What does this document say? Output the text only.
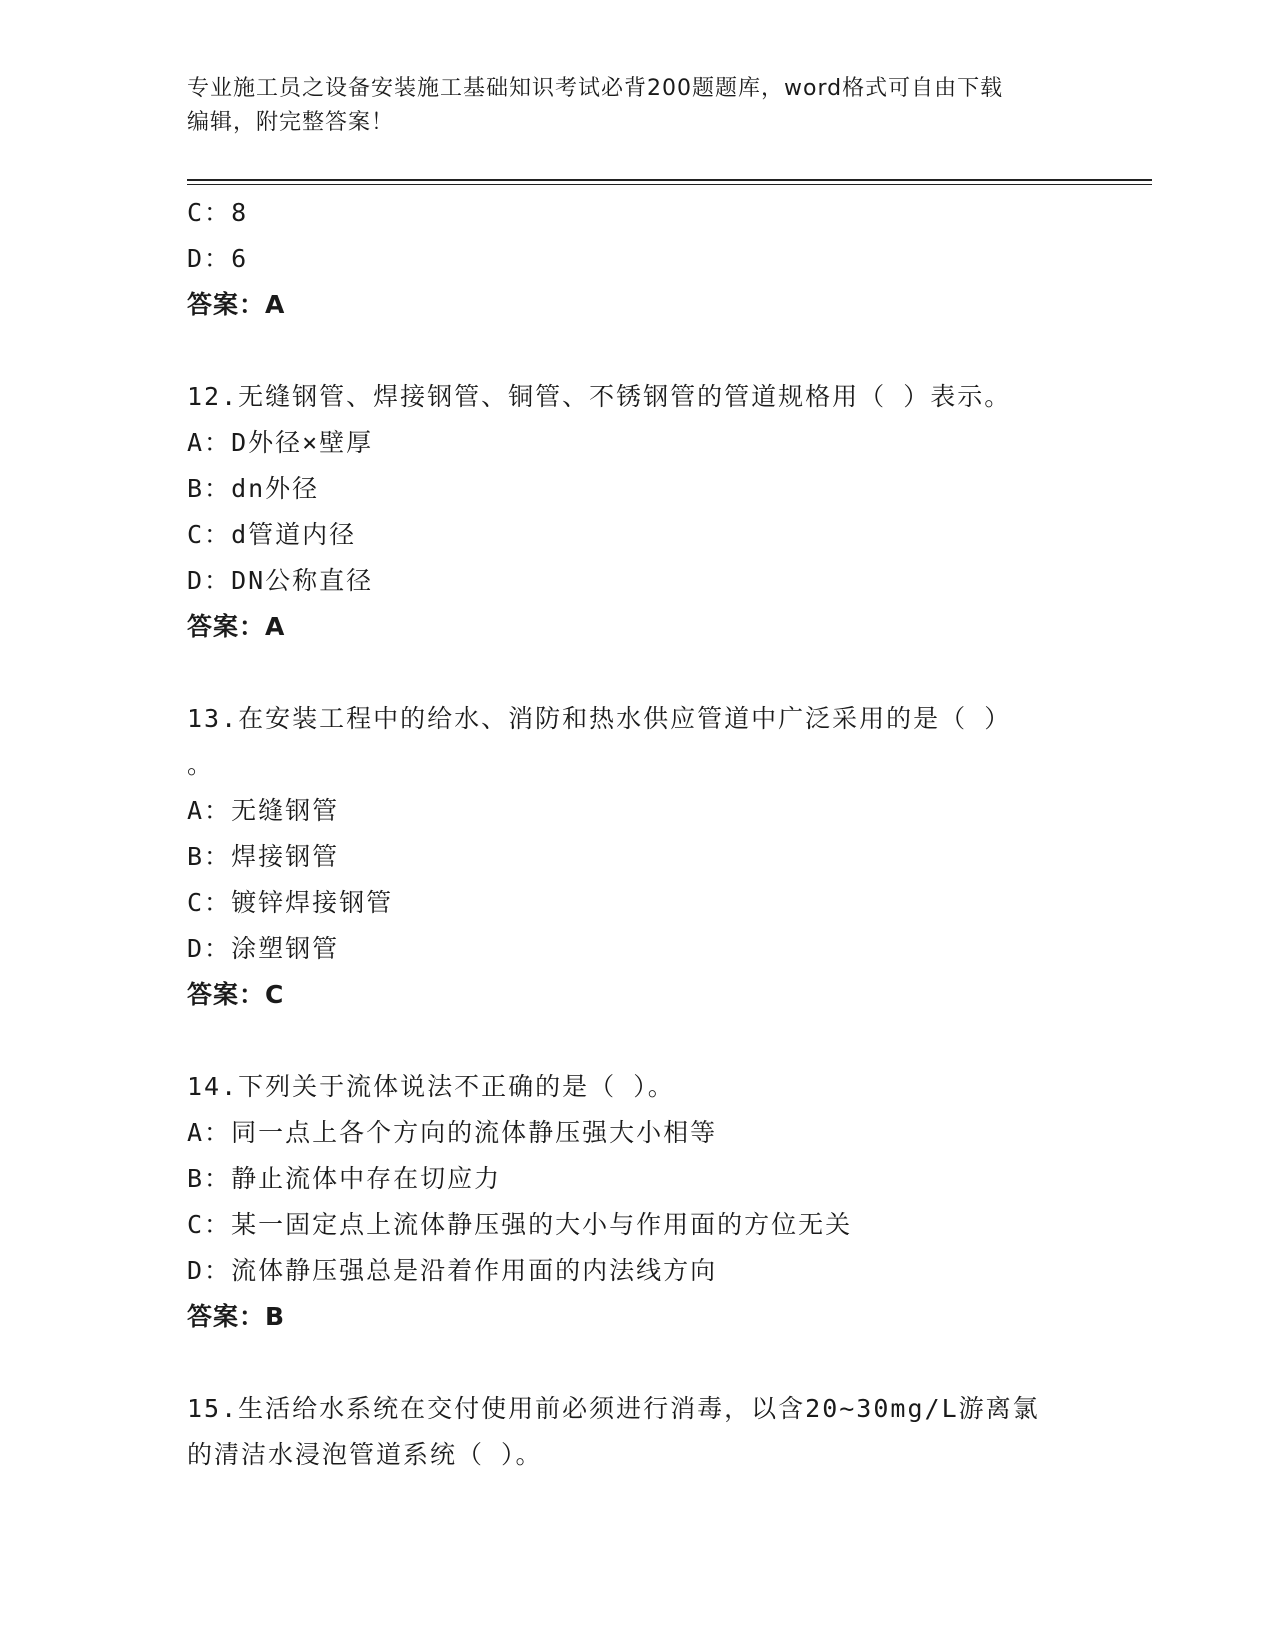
专业施工员之设备安装施工基础知识考试必背200题题库，word格式可自由下载
编辑，附完整答案！
C：8
D：6
答案：A
12.无缝钢管、焊接钢管、铜管、不锈钢管的管道规格用（ ）表示。
A：D外径×壁厚
B：dn外径
C：d管道内径
D：DN公称直径
答案：A
13.在安装工程中的给水、消防和热水供应管道中广泛采用的是（ ）
。
A：无缝钢管
B：焊接钢管
C：镀锌焊接钢管
D：涂塑钢管
答案：C
14.下列关于流体说法不正确的是（ ）。
A：同一点上各个方向的流体静压强大小相等
B：静止流体中存在切应力
C：某一固定点上流体静压强的大小与作用面的方位无关
D：流体静压强总是沿着作用面的内法线方向
答案：B
15.生活给水系统在交付使用前必须进行消毒，以含20~30mg/L游离氯
的清洁水浸泡管道系统（ ）。
